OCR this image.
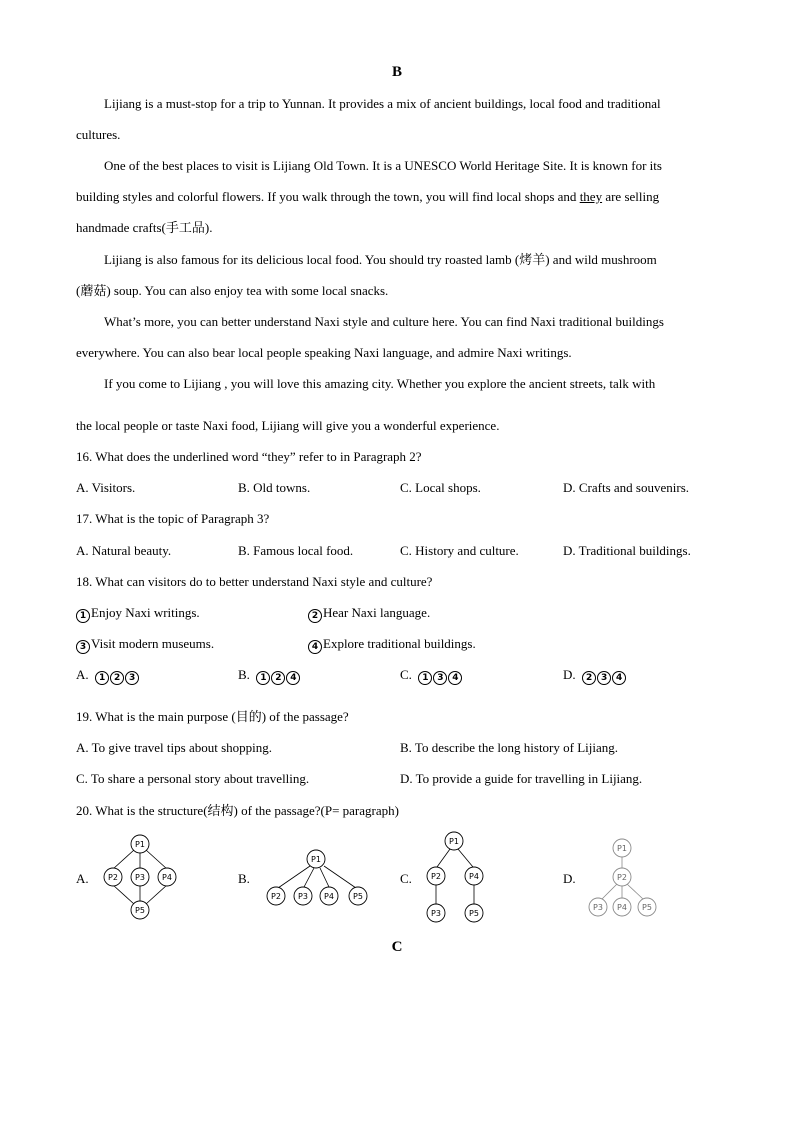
B
Lijiang is a must-stop for a trip to Yunnan. It provides a mix of ancient buildings, local food and traditional
cultures.
One of the best places to visit is Lijiang Old Town. It is a UNESCO World Heritage Site. It is known for its
building styles and colorful flowers. If you walk through the town, you will find local shops and they are selling
handmade crafts(手工品).
Lijiang is also famous for its delicious local food. You should try roasted lamb (烤羊) and wild mushroom
(蘑菇) soup. You can also enjoy tea with some local snacks.
What’s more, you can better understand Naxi style and culture here. You can find Naxi traditional buildings
everywhere. You can also bear local people speaking Naxi language, and admire Naxi writings.
If you come to Lijiang , you will love this amazing city. Whether you explore the ancient streets, talk with
the local people or taste Naxi food, Lijiang will give you a wonderful experience.
16. What does the underlined word “they” refer to in Paragraph 2?
A. Visitors.	B. Old towns.	C. Local shops.	D. Crafts and souvenirs.
17. What is the topic of Paragraph 3?
A. Natural beauty.	B. Famous local food.	C. History and culture.	D. Traditional buildings.
18. What can visitors do to better understand Naxi style and culture?
1 Enjoy Naxi writings.	2 Hear Naxi language.
3 Visit modern museums.	4 Explore traditional buildings.
A. 1 2 3	B. 1 2 4	C. 1 3 4	D. 2 3 4
19. What is the main purpose (目的) of the passage?
A. To give travel tips about shopping.	B. To describe the long history of Lijiang.
C. To share a personal story about travelling.	D. To provide a guide for travelling in Lijiang.
20. What is the structure(结构) of the passage?(P= paragraph)
A.	B.	C.	D.
P1
P2 P3 P4
P5
P1
P2 P3 P4 P5
P1
P2	P4
P3	P5
P1
P2
P3 P4 P5
C
